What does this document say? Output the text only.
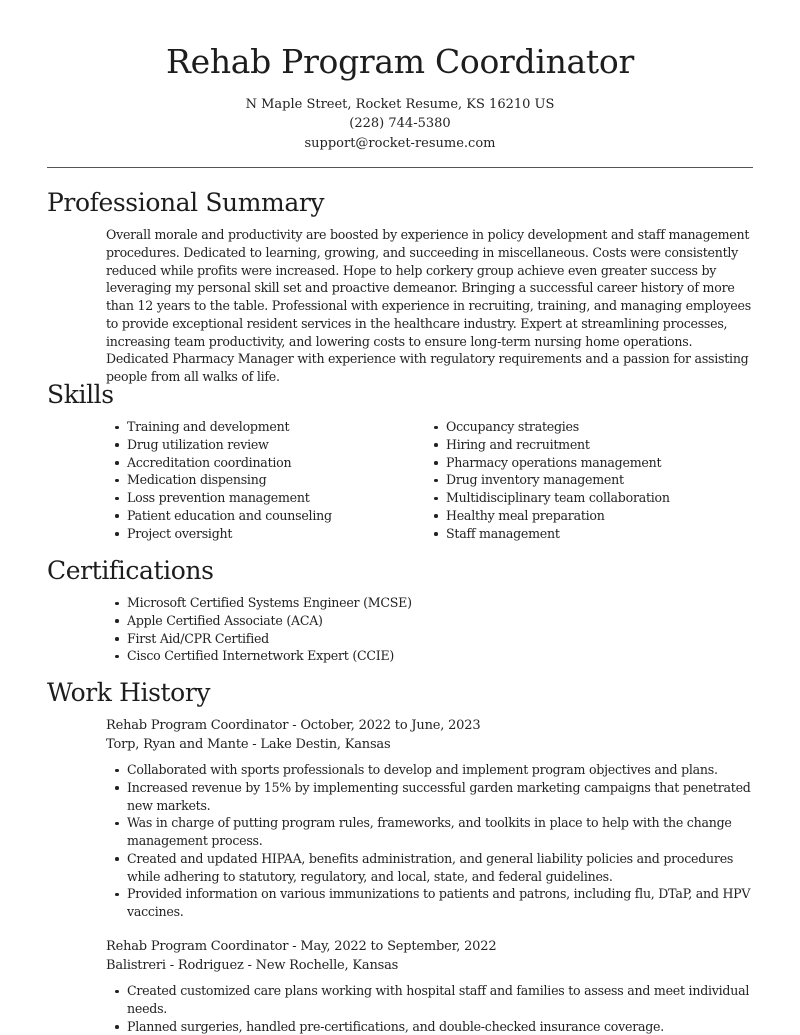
Rehab Program Coordinator
N Maple Street, Rocket Resume, KS 16210 US
(228) 744-5380
support@rocket-resume.com
Professional Summary

Overall morale and productivity are boosted by experience in policy development and staff management procedures. Dedicated to learning, growing, and succeeding in miscellaneous. Costs were consistently reduced while profits were increased. Hope to help corkery group achieve even greater success by leveraging my personal skill set and proactive demeanor. Bringing a successful career history of more than 12 years to the table. Professional with experience in recruiting, training, and managing employees to provide exceptional resident services in the healthcare industry. Expert at streamlining processes, increasing team productivity, and lowering costs to ensure long-term nursing home operations. Dedicated Pharmacy Manager with experience with regulatory requirements and a passion for assisting people from all walks of life.

Skills
Training and development
Drug utilization review
Accreditation coordination
Medication dispensing
Loss prevention management
Patient education and counseling
Project oversight
Occupancy strategies
Hiring and recruitment
Pharmacy operations management
Drug inventory management
Multidisciplinary team collaboration
Healthy meal preparation
Staff management
Certifications
Microsoft Certified Systems Engineer (MCSE)
Apple Certified Associate (ACA)
First Aid/CPR Certified
Cisco Certified Internetwork Expert (CCIE)
Work History
Rehab Program Coordinator - October, 2022 to June, 2023
Torp, Ryan and Mante - Lake Destin, Kansas
Collaborated with sports professionals to develop and implement program objectives and plans.
Increased revenue by 15% by implementing successful garden marketing campaigns that penetrated new markets.
Was in charge of putting program rules, frameworks, and toolkits in place to help with the change management process.
Created and updated HIPAA, benefits administration, and general liability policies and procedures while adhering to statutory, regulatory, and local, state, and federal guidelines.
Provided information on various immunizations to patients and patrons, including flu, DTaP, and HPV vaccines.
Rehab Program Coordinator - May, 2022 to September, 2022
Balistreri - Rodriguez - New Rochelle, Kansas
Created customized care plans working with hospital staff and families to assess and meet individual needs.
Planned surgeries, handled pre-certifications, and double-checked insurance coverage.
